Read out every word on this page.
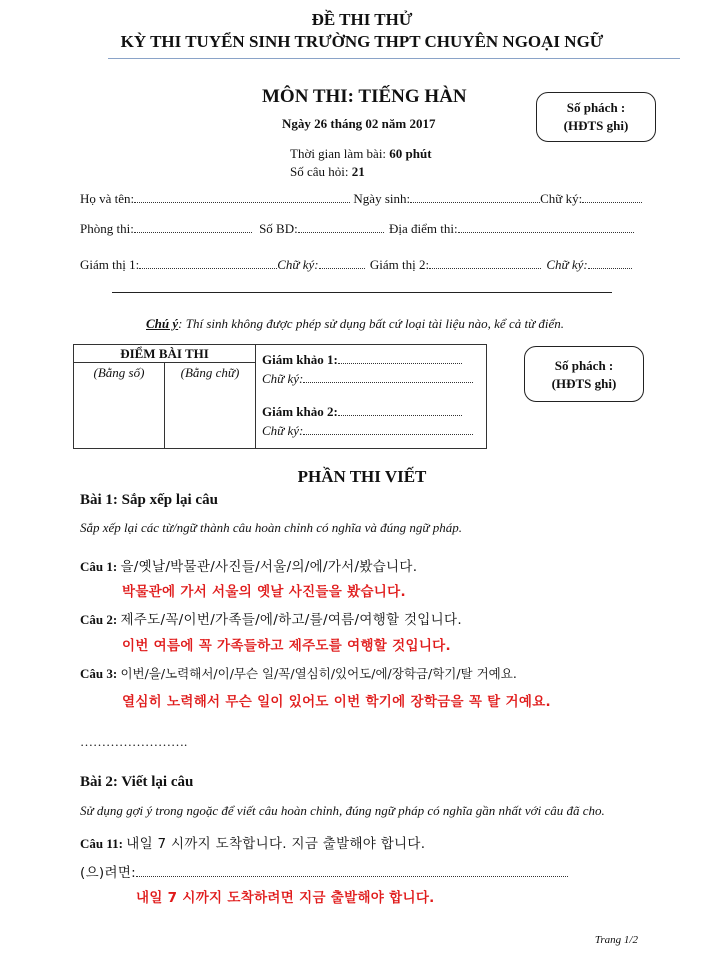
ĐỀ THI THỬ
KỲ THI TUYỂN SINH TRƯỜNG THPT CHUYÊN NGOẠI NGỮ
MÔN THI: TIẾNG HÀN
Ngày 26 tháng 02 năm 2017
Thời gian làm bài: 60 phút
Số câu hỏi: 21
Số phách :
(HĐTS ghi)
Họ và tên:	Ngày sinh:	Chữ ký:
Phòng thi:	Số BD:	Địa điểm thi:
Giám thị 1:	Chữ ký:	Giám thị 2:	Chữ ký:
Chú ý: Thí sinh không được phép sử dụng bất cứ loại tài liệu nào, kể cả từ điển.
ĐIỂM BÀI THI
(Bằng số)	(Bằng chữ)

Giám khảo 1:
Chữ ký:
Giám khảo 2:
Chữ ký:
Số phách :
(HĐTS ghi)
PHẦN THI VIẾT
Bài 1: Sắp xếp lại câu
Sắp xếp lại các từ/ngữ thành câu hoàn chỉnh có nghĩa và đúng ngữ pháp.
Câu 1: 을/옛날/박물관/사진들/서울/의/에/가서/봤습니다.
박물관에 가서 서울의 옛날 사진들을 봤습니다.
Câu 2: 제주도/꼭/이번/가족들/에/하고/를/여름/여행할 것입니다.
이번 여름에 꼭 가족들하고 제주도를 여행할 것입니다.
Câu 3: 이번/을/노력해서/이/무슨 일/꼭/열심히/있어도/에/장학금/학기/탈 거예요.
열심히 노력해서 무슨 일이 있어도 이번 학기에 장학금을 꼭 탈 거예요.
…………………….
Bài 2: Viết lại câu
Sử dụng gợi ý trong ngoặc để viết câu hoàn chỉnh, đúng ngữ pháp có nghĩa gần nhất với câu đã cho.
Câu 11: 내일 7 시까지 도착합니다. 지금 출발해야 합니다.
(으)려면:
내일 7 시까지 도착하려면 지금 출발해야 합니다.
Trang 1/2
